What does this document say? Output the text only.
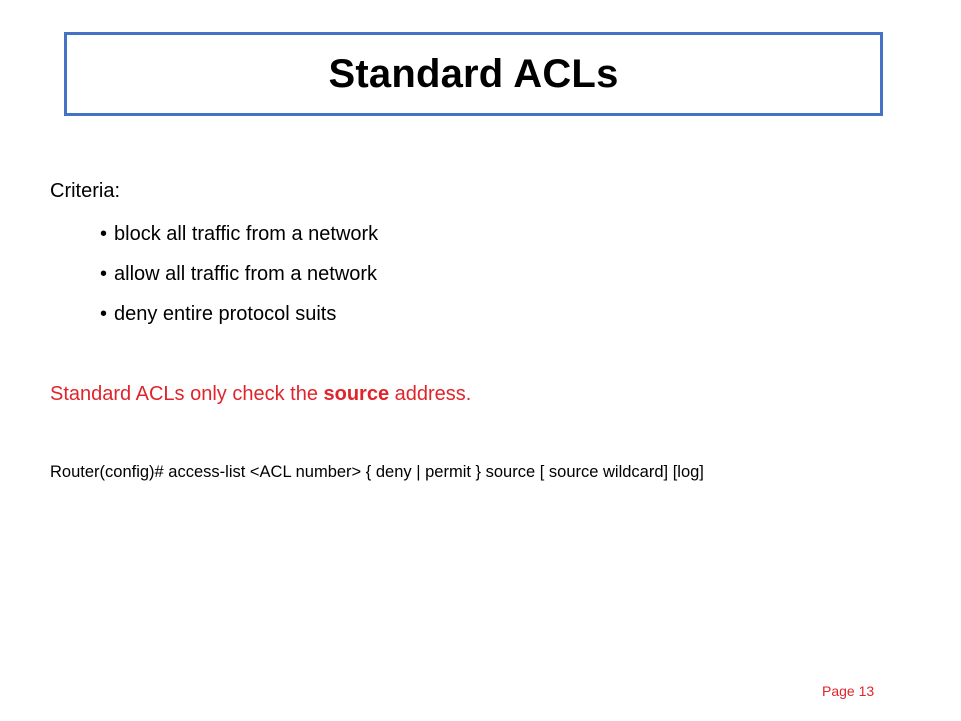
Standard ACLs
Criteria:
• block all traffic from a network
• allow all traffic from a network
• deny entire protocol suits
Standard ACLs only check the source address.
Router(config)# access-list <ACL number> { deny | permit } source [ source wildcard] [log]
Page 13
